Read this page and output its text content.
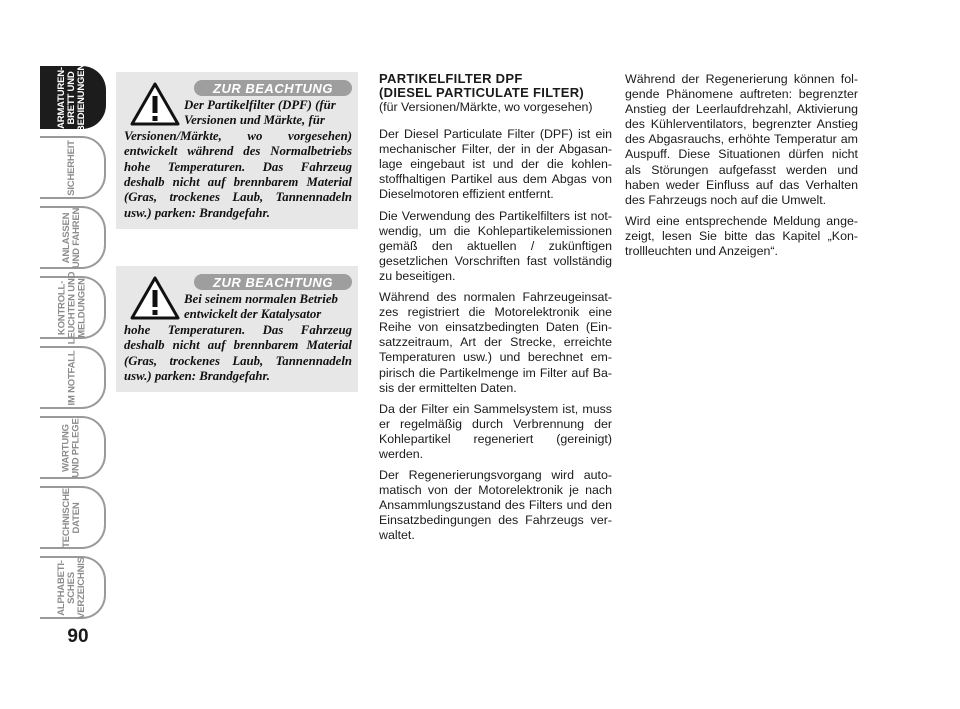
ARMATUREN-
BRETT UND
BEDIENUNGEN
SICHERHEIT
ANLASSEN
UND FAHREN
KONTROLL-
LEUCHTEN UND
MELDUNGEN
IM NOTFALL
WARTUNG
UND PFLEGE
TECHNISCHE
DATEN
ALPHABETI-
SCHES
VERZEICHNIS
90
ZUR BEACHTUNG
Der Partikelfilter (DPF) (für
Versionen und Märkte, für
Versionen/Märkte, wo vorgesehen) entwickelt während des Normalbetriebs hohe Temperaturen. Das Fahrzeug deshalb nicht auf brennbarem Material (Gras, trockenes Laub, Tannennadeln usw.) parken: Brandgefahr.
ZUR BEACHTUNG
Bei seinem normalen Betrieb
entwickelt der Katalysator
hohe Temperaturen. Das Fahrzeug deshalb nicht auf brennbarem Material (Gras, trockenes Laub, Tannennadeln usw.) parken: Brandgefahr.
PARTIKELFILTER DPF
(DIESEL PARTICULATE FILTER)
(für Versionen/Märkte, wo vorgesehen)

Der Diesel Particulate Filter (DPF) ist ein mechanischer Filter, der in der Abgasanlage eingebaut ist und der die kohlenstoffhaltigen Partikel aus dem Abgas von Dieselmotoren effizient entfernt.

Die Verwendung des Partikelfilters ist notwendig, um die Kohlepartikelemissionen gemäß den aktuellen / zukünftigen gesetzlichen Vorschriften fast vollständig zu beseitigen.

Während des normalen Fahrzeugeinsatzes registriert die Motorelektronik eine Reihe von einsatzbedingten Daten (Einsatzzeitraum, Art der Strecke, erreichte Temperaturen usw.) und berechnet empirisch die Partikelmenge im Filter auf Basis der ermittelten Daten.

Da der Filter ein Sammelsystem ist, muss er regelmäßig durch Verbrennung der Kohlepartikel regeneriert (gereinigt) werden.

Der Regenerierungsvorgang wird automatisch von der Motorelektronik je nach Ansammlungszustand des Filters und den Einsatzbedingungen des Fahrzeugs verwaltet.

Während der Regenerierung können folgende Phänomene auftreten: begrenzter Anstieg der Leerlaufdrehzahl, Aktivierung des Kühlerventilators, begrenzter Anstieg des Abgasrauchs, erhöhte Temperatur am Auspuff. Diese Situationen dürfen nicht als Störungen aufgefasst werden und haben weder Einfluss auf das Verhalten des Fahrzeugs noch auf die Umwelt.

Wird eine entsprechende Meldung angezeigt, lesen Sie bitte das Kapitel „Kontrollleuchten und Anzeigen“.
